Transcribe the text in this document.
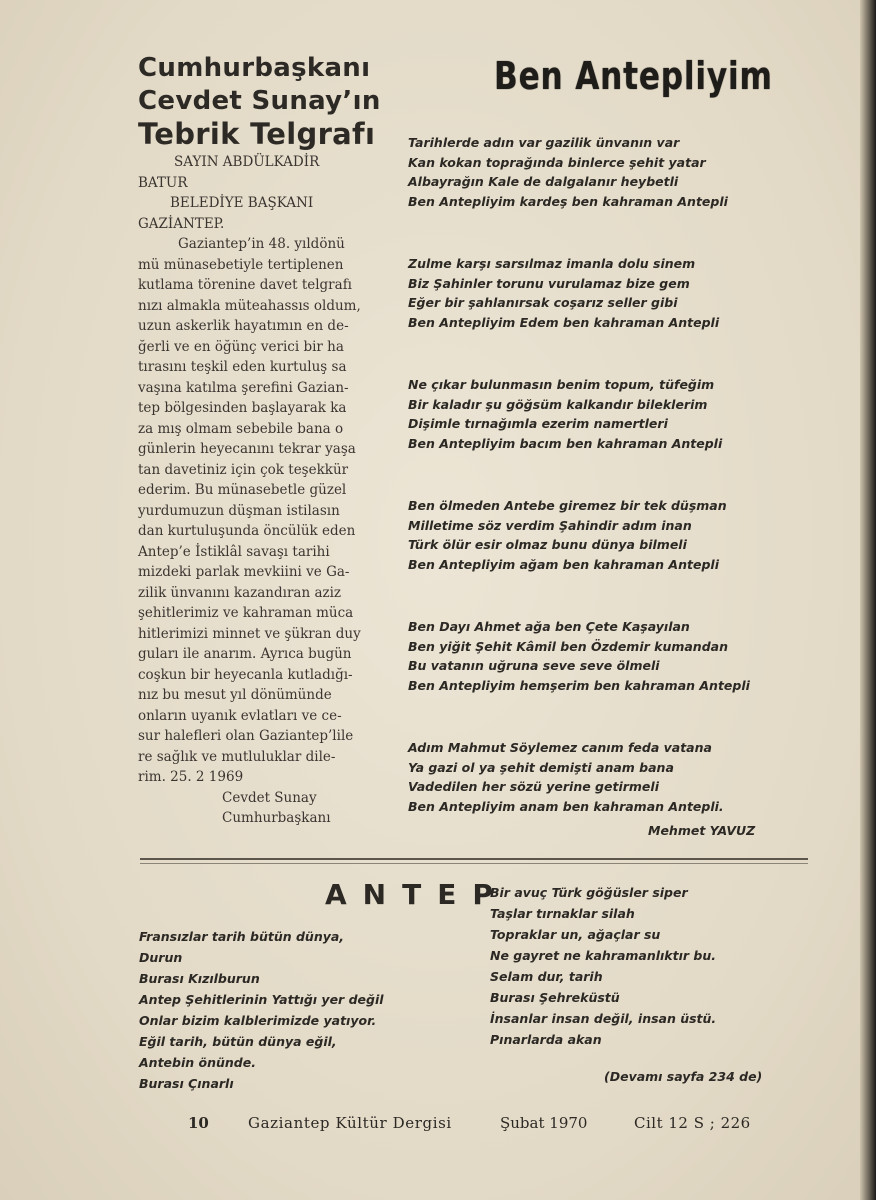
Cumhurbaşkanı
Cevdet Sunay’ın
Tebrik Telgrafı
SAYIN ABDÜLKADİR
BATUR
BELEDİYE BAŞKANI
GAZİANTEP.
Gaziantep’in 48. yıldönü
mü münasebetiyle tertiplenen
kutlama törenine davet telgrafı
nızı almakla müteahassıs oldum,
uzun askerlik hayatımın en de-
ğerli ve en öğünç verici bir ha
tırasını teşkil eden kurtuluş sa
vaşına katılma şerefini Gazian-
tep bölgesinden başlayarak ka
za mış olmam sebebile bana o
günlerin heyecanını tekrar yaşa
tan davetiniz için çok teşekkür
ederim. Bu münasebetle güzel
yurdumuzun düşman istilasın
dan kurtuluşunda öncülük eden
Antep’e İstiklâl savaşı tarihi
mizdeki parlak mevkiini ve Ga-
zilik ünvanını kazandıran aziz
şehitlerimiz ve kahraman müca
hitlerimizi minnet ve şükran duy
guları ile anarım. Ayrıca bugün
coşkun bir heyecanla kutladığı-
nız bu mesut yıl dönümünde
onların uyanık evlatları ve ce-
sur halefleri olan Gaziantep’lile
re sağlık ve mutluluklar dile-
rim. 25. 2 1969
Cevdet Sunay
Cumhurbaşkanı
Ben Antepliyim
Tarihlerde adın var gazilik ünvanın var
Kan kokan toprağında binlerce şehit yatar
Albayrağın Kale de dalgalanır heybetli
Ben Antepliyim kardeş ben kahraman Antepli
Zulme karşı sarsılmaz imanla dolu sinem
Biz Şahinler torunu vurulamaz bize gem
Eğer bir şahlanırsak coşarız seller gibi
Ben Antepliyim Edem ben kahraman Antepli
Ne çıkar bulunmasın benim topum, tüfeğim
Bir kaladır şu göğsüm kalkandır bileklerim
Dişimle tırnağımla ezerim namertleri
Ben Antepliyim bacım ben kahraman Antepli
Ben ölmeden Antebe giremez bir tek düşman
Milletime söz verdim Şahindir adım inan
Türk ölür esir olmaz bunu dünya bilmeli
Ben Antepliyim ağam ben kahraman Antepli
Ben Dayı Ahmet ağa ben Çete Kaşayılan
Ben yiğit Şehit Kâmil ben Özdemir kumandan
Bu vatanın uğruna seve seve ölmeli
Ben Antepliyim hemşerim ben kahraman Antepli
Adım Mahmut Söylemez canım feda vatana
Ya gazi ol ya şehit demişti anam bana
Vadedilen her sözü yerine getirmeli
Ben Antepliyim anam ben kahraman Antepli.
Mehmet YAVUZ
ANTEP
Fransızlar tarih bütün dünya,
Durun
Burası Kızılburun
Antep Şehitlerinin Yattığı yer değil
Onlar bizim kalblerimizde yatıyor.
Eğil tarih, bütün dünya eğil,
Antebin önünde.
Burası Çınarlı
Bir avuç Türk göğüsler siper
Taşlar tırnaklar silah
Topraklar un, ağaçlar su
Ne gayret ne kahramanlıktır bu.
Selam dur, tarih
Burası Şehreküstü
İnsanlar insan değil, insan üstü.
Pınarlarda akan
(Devamı sayfa 234 de)
10	Gaziantep Kültür Dergisi	Şubat 1970	Cilt 12 S ; 226
